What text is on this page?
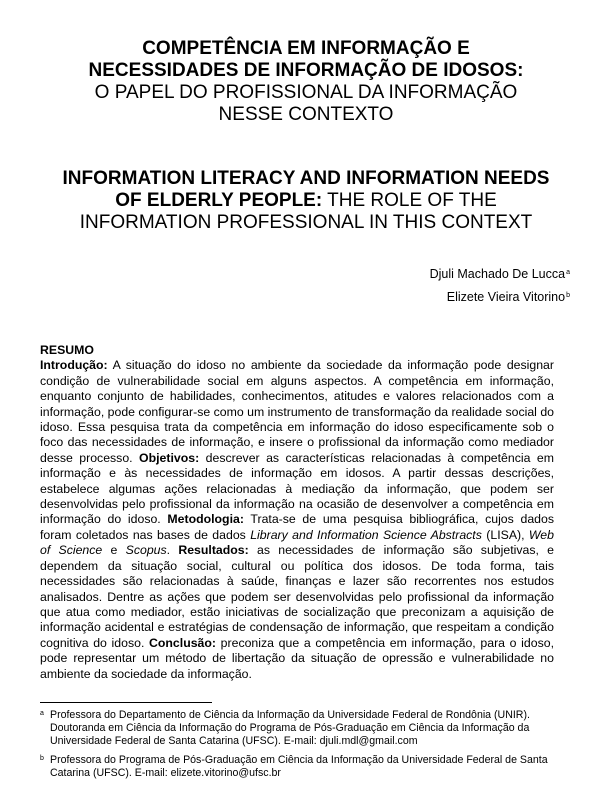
COMPETÊNCIA EM INFORMAÇÃO E
NECESSIDADES DE INFORMAÇÃO DE IDOSOS:
O PAPEL DO PROFISSIONAL DA INFORMAÇÃO
NESSE CONTEXTO
INFORMATION LITERACY AND INFORMATION NEEDS
OF ELDERLY PEOPLE: THE ROLE OF THE
INFORMATION PROFESSIONAL IN THIS CONTEXT
Djuli Machado De Lucca$^a$
Elizete Vieira Vitorino$^b$
RESUMO
Introdução: A situação do idoso no ambiente da sociedade da informação pode designar condição de vulnerabilidade social em alguns aspectos. A competência em informação, enquanto conjunto de habilidades, conhecimentos, atitudes e valores relacionados com a informação, pode configurar-se como um instrumento de transformação da realidade social do idoso. Essa pesquisa trata da competência em informação do idoso especificamente sob o foco das necessidades de informação, e insere o profissional da informação como mediador desse processo. Objetivos: descrever as características relacionadas à competência em informação e às necessidades de informação em idosos. A partir dessas descrições, estabelece algumas ações relacionadas à mediação da informação, que podem ser desenvolvidas pelo profissional da informação na ocasião de desenvolver a competência em informação do idoso. Metodologia: Trata-se de uma pesquisa bibliográfica, cujos dados foram coletados nas bases de dados Library and Information Science Abstracts (LISA), Web of Science e Scopus. Resultados: as necessidades de informação são subjetivas, e dependem da situação social, cultural ou política dos idosos. De toda forma, tais necessidades são relacionadas à saúde, finanças e lazer são recorrentes nos estudos analisados. Dentre as ações que podem ser desenvolvidas pelo profissional da informação que atua como mediador, estão iniciativas de socialização que preconizam a aquisição de informação acidental e estratégias de condensação de informação, que respeitam a condição cognitiva do idoso. Conclusão: preconiza que a competência em informação, para o idoso, pode representar um método de libertação da situação de opressão e vulnerabilidade no ambiente da sociedade da informação.
a Professora do Departamento de Ciência da Informação da Universidade Federal de Rondônia (UNIR). Doutoranda em Ciência da Informação do Programa de Pós-Graduação em Ciência da Informação da Universidade Federal de Santa Catarina (UFSC). E-mail: djuli.mdl@gmail.com
b Professora do Programa de Pós-Graduação em Ciência da Informação da Universidade Federal de Santa Catarina (UFSC). E-mail: elizete.vitorino@ufsc.br
